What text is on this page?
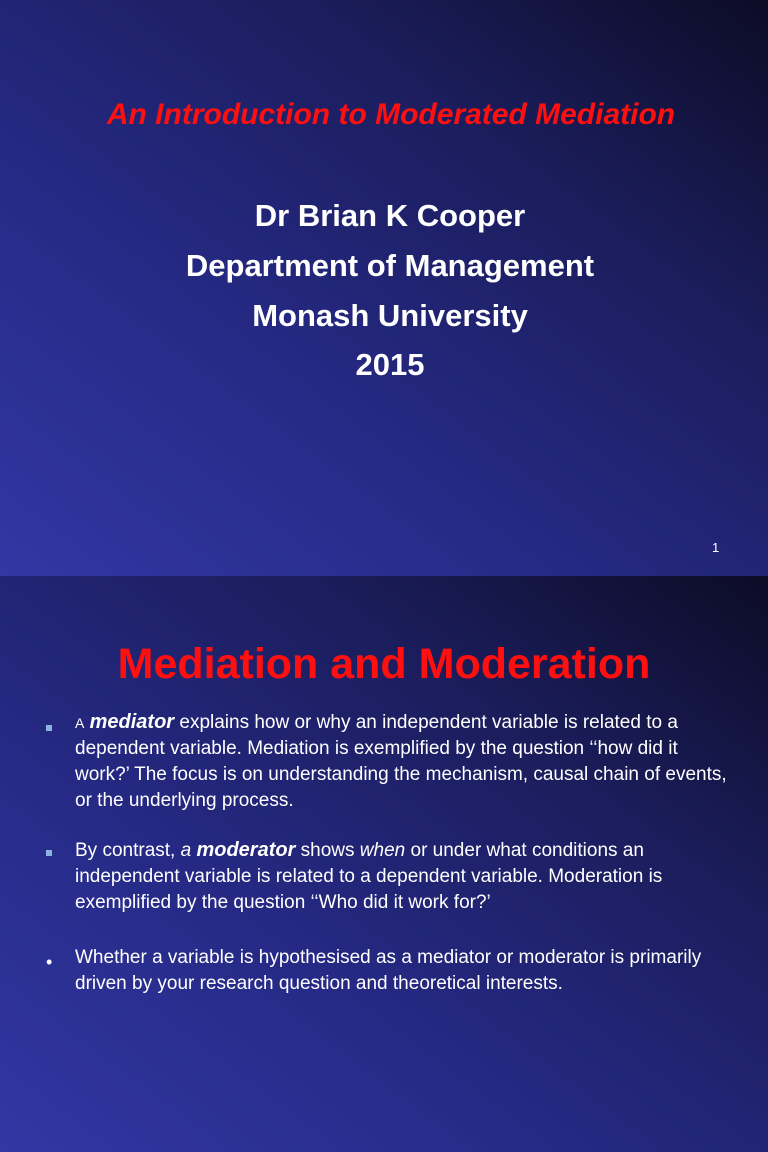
An Introduction to Moderated Mediation
Dr Brian K Cooper
Department of Management
Monash University
2015
1
Mediation and Moderation
A mediator explains how or why an independent variable is related to a dependent variable. Mediation is exemplified by the question ‘‘how did it work?’ The focus is on understanding the mechanism, causal chain of events, or the underlying process.
By contrast, a moderator shows when or under what conditions an independent variable is related to a dependent variable. Moderation is exemplified by the question ‘‘Who did it work for?’
• Whether a variable is hypothesised as a mediator or moderator is primarily driven by your research question and theoretical interests.
